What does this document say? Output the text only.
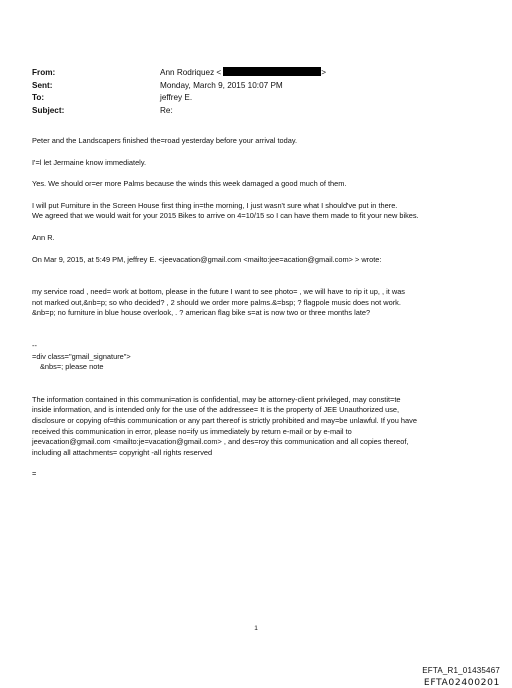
From:	Ann Rodriquez <	>
Sent:	Monday, March 9, 2015 10:07 PM
To:	jeffrey E.
Subject:	Re:

Peter and the Landscapers finished the=road yesterday before your arrival today.

I'=l let Jermaine know immediately.

Yes. We should or=er more Palms because the winds this week damaged a good much of them.

I will put Furniture in the Screen House first thing in=the morning, I just wasn't sure what I should've put in there.

We agreed that we would wait for your 2015 Bikes to arrive on 4=10/15 so I can have them made to fit your new bikes.

Ann R.

On Mar 9, 2015, at 5:49 PM, jeffrey E. <jeevacation@gmail.com <mailto:jee=acation@gmail.com> > wrote:

my service road , need= work at bottom, please in the future I want to see photo= , we will have to rip it up, , it was

not marked out,&nb=p; so who decided? , 2 should we order more palms.&=bsp; ? flagpole music does not work.

&nb=p; no furniture in blue house overlook, . ? american flag bike s=at is now two or three months late?

--

=div class="gmail_signature">

&nbs=; please note

The information contained in this communi=ation is confidential, may be attorney-client privileged, may constit=te

inside information, and is intended only for the use of the addressee= It is the property of JEE Unauthorized use,

disclosure or copying of=this communication or any part thereof is strictly prohibited and may=be unlawful. If you have

received this communication in error, please no=ify us immediately by return e-mail or by e-mail to

jeevacation@gmail.com <mailto:je=vacation@gmail.com> , and des=roy this communication and all copies thereof,

including all attachments= copyright -all rights reserved

=

1
EFTA_R1_01435467
EFTA02400201
